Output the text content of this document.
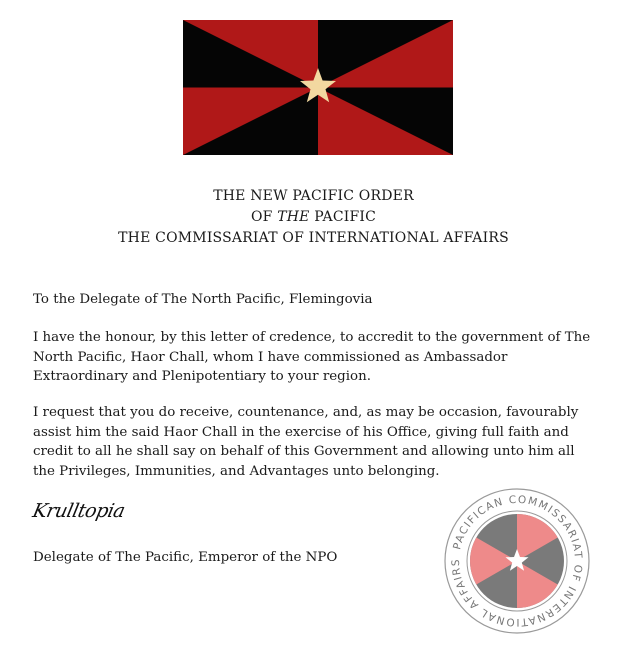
THE NEW PACIFIC ORDER
OF THE PACIFIC
THE COMMISSARIAT OF INTERNATIONAL AFFAIRS
To the Delegate of The North Pacific, Flemingovia
I have the honour, by this letter of credence, to accredit to the government of The North Pacific, Haor Chall, whom I have commissioned as Ambassador Extraordinary and Plenipotentiary to your region.
I request that you do receive, countenance, and, as may be occasion, favourably assist him the said Haor Chall in the exercise of his Office, giving full faith and credit to all he shall say on behalf of this Government and allowing unto him all the Privileges, Immunities, and Advantages unto belonging.
Krulltopia
Delegate of The Pacific, Emperor of the NPO
PACIFICAN COMMISSARIAT OF INTERNATIONAL AFFAIRS
